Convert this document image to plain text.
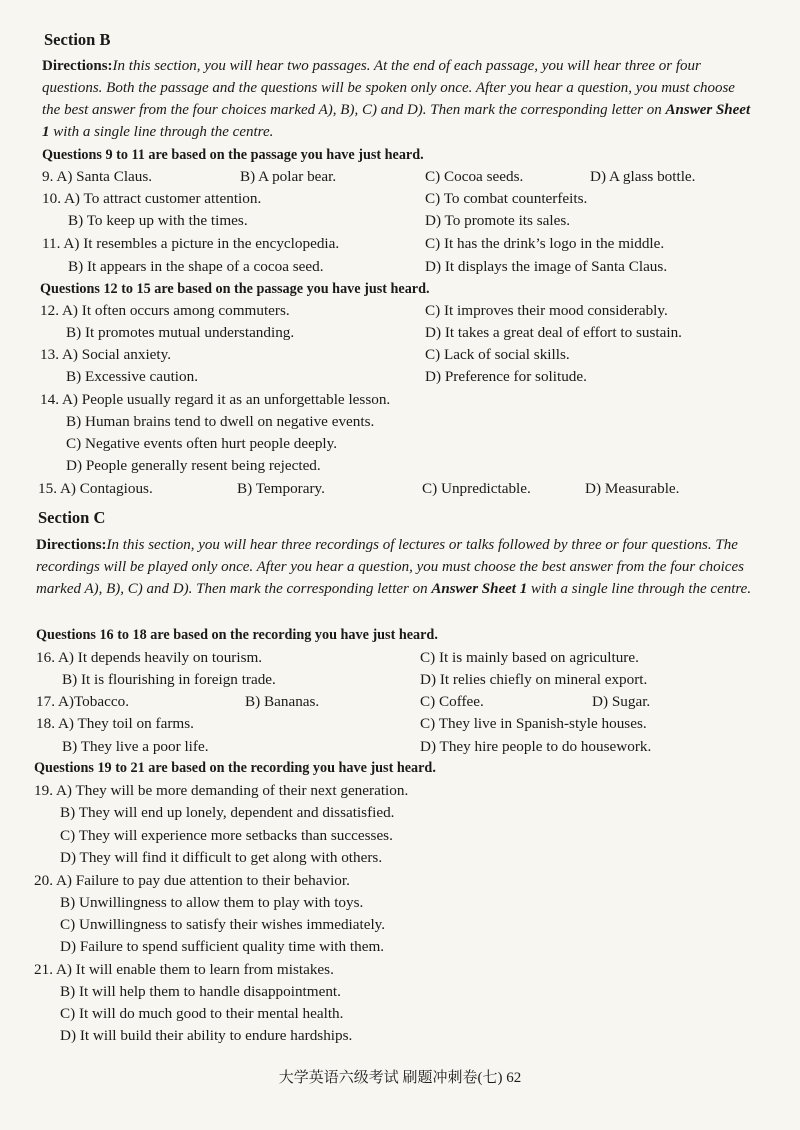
Section B
Directions:In this section, you will hear two passages. At the end of each passage, you will hear three or four questions. Both the passage and the questions will be spoken only once. After you hear a question, you must choose the best answer from the four choices marked A), B), C) and D). Then mark the corresponding letter on Answer Sheet 1 with a single line through the centre.
Questions 9 to 11 are based on the passage you have just heard.
Questions 12 to 15 are based on the passage you have just heard.
Section C
Directions:In this section, you will hear three recordings of lectures or talks followed by three or four questions. The recordings will be played only once. After you hear a question, you must choose the best answer from the four choices marked A), B), C) and D). Then mark the corresponding letter on Answer Sheet 1 with a single line through the centre.
Questions 16 to 18 are based on the recording you have just heard.
Questions 19 to 21 are based on the recording you have just heard.
9. A) Santa Claus.	B) A polar bear.	C) Cocoa seeds.	D) A glass bottle.
10. A) To attract customer attention.	C) To combat counterfeits.
B) To keep up with the times.	D) To promote its sales.
11. A) It resembles a picture in the encyclopedia.	C) It has the drink’s logo in the middle.
B) It appears in the shape of a cocoa seed.	D) It displays the image of Santa Claus.
12. A) It often occurs among commuters.	C) It improves their mood considerably.
B) It promotes mutual understanding.	D) It takes a great deal of effort to sustain.
13. A) Social anxiety.	C) Lack of social skills.
B) Excessive caution.	D) Preference for solitude.
14. A) People usually regard it as an unforgettable lesson.
B) Human brains tend to dwell on negative events.
C) Negative events often hurt people deeply.
D) People generally resent being rejected.
15. A) Contagious.	B) Temporary.	C) Unpredictable.	D) Measurable.
16. A) It depends heavily on tourism.	C) It is mainly based on agriculture.
B) It is flourishing in foreign trade.	D) It relies chiefly on mineral export.
17. A)Tobacco.	B) Bananas.	C) Coffee.	D) Sugar.
18. A) They toil on farms.	C) They live in Spanish-style houses.
B) They live a poor life.	D) They hire people to do housework.
19. A) They will be more demanding of their next generation.
B) They will end up lonely, dependent and dissatisfied.
C) They will experience more setbacks than successes.
D) They will find it difficult to get along with others.
20. A) Failure to pay due attention to their behavior.
B) Unwillingness to allow them to play with toys.
C) Unwillingness to satisfy their wishes immediately.
D) Failure to spend sufficient quality time with them.
21. A) It will enable them to learn from mistakes.
B) It will help them to handle disappointment.
C) It will do much good to their mental health.
D) It will build their ability to endure hardships.
大学英语六级考试 刷题冲刺卷(七) 62
